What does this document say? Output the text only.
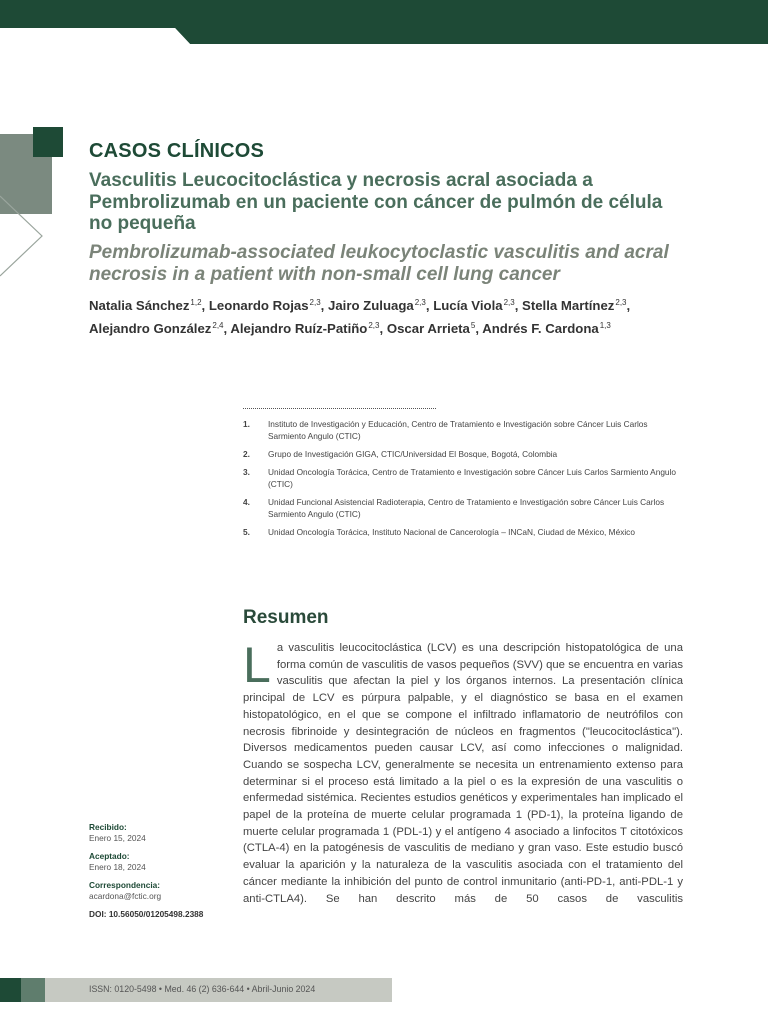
CASOS CLÍNICOS
Vasculitis Leucocitoclástica y necrosis acral asociada a Pembrolizumab en un paciente con cáncer de pulmón de célula no pequeña
Pembrolizumab-associated leukocytoclastic vasculitis and acral necrosis in a patient with non-small cell lung cancer

Natalia Sánchez$^{1,2}$, Leonardo Rojas$^{2,3}$, Jairo Zuluaga$^{2,3}$, Lucía Viola$^{2,3}$, Stella Martínez$^{2,3}$,
Alejandro González$^{2,4}$, Alejandro Ruíz-Patiño$^{2,3}$, Oscar Arrieta$^5$, Andrés F. Cardona$^{1,3}$

1.	Instituto de Investigación y Educación, Centro de Tratamiento e Investigación sobre Cáncer Luis Carlos Sarmiento Angulo (CTIC)
2.	Grupo de Investigación GIGA, CTIC/Universidad El Bosque, Bogotá, Colombia
3.	Unidad Oncología Torácica, Centro de Tratamiento e Investigación sobre Cáncer Luis Carlos Sarmiento Angulo (CTIC)
4.	Unidad Funcional Asistencial Radioterapia, Centro de Tratamiento e Investigación sobre Cáncer Luis Carlos Sarmiento Angulo (CTIC)
5.	Unidad Oncología Torácica, Instituto Nacional de Cancerología – INCaN, Ciudad de México, México
Resumen

La vasculitis leucocitoclástica (LCV) es una descripción histopatológica de una forma común de vasculitis de vasos pequeños (SVV) que se encuentra en varias vasculitis que afectan la piel y los órganos internos. La presentación clínica principal de LCV es púrpura palpable, y el diagnóstico se basa en el examen histopatológico, en el que se compone el infiltrado inflamatorio de neutrófilos con necrosis fibrinoide y desintegración de núcleos en fragmentos ("leucocitoclástica"). Diversos medicamentos pueden causar LCV, así como infecciones o malignidad. Cuando se sospecha LCV, generalmente se necesita un entrenamiento extenso para determinar si el proceso está limitado a la piel o es la expresión de una vasculitis o enfermedad sistémica. Recientes estudios genéticos y experimentales han implicado el papel de la proteína de muerte celular programada 1 (PD-1), la proteína ligando de muerte celular programada 1 (PDL-1) y el antígeno 4 asociado a linfocitos T citotóxicos (CTLA-4) en la patogénesis de vasculitis de mediano y gran vaso. Este estudio buscó evaluar la aparición y la naturaleza de la vasculitis asociada con el tratamiento del cáncer mediante la inhibición del punto de control inmunitario (anti-PD-1, anti-PDL-1 y anti-CTLA4). Se han descrito más de 50 casos de vasculitis

Recibido:
Enero 15, 2024
Aceptado:
Enero 18, 2024
Correspondencia:
acardona@fctic.org
DOI: 10.56050/01205498.2388

ISSN: 0120-5498 • Med. 46 (2) 636-644 • Abril-Junio 2024
